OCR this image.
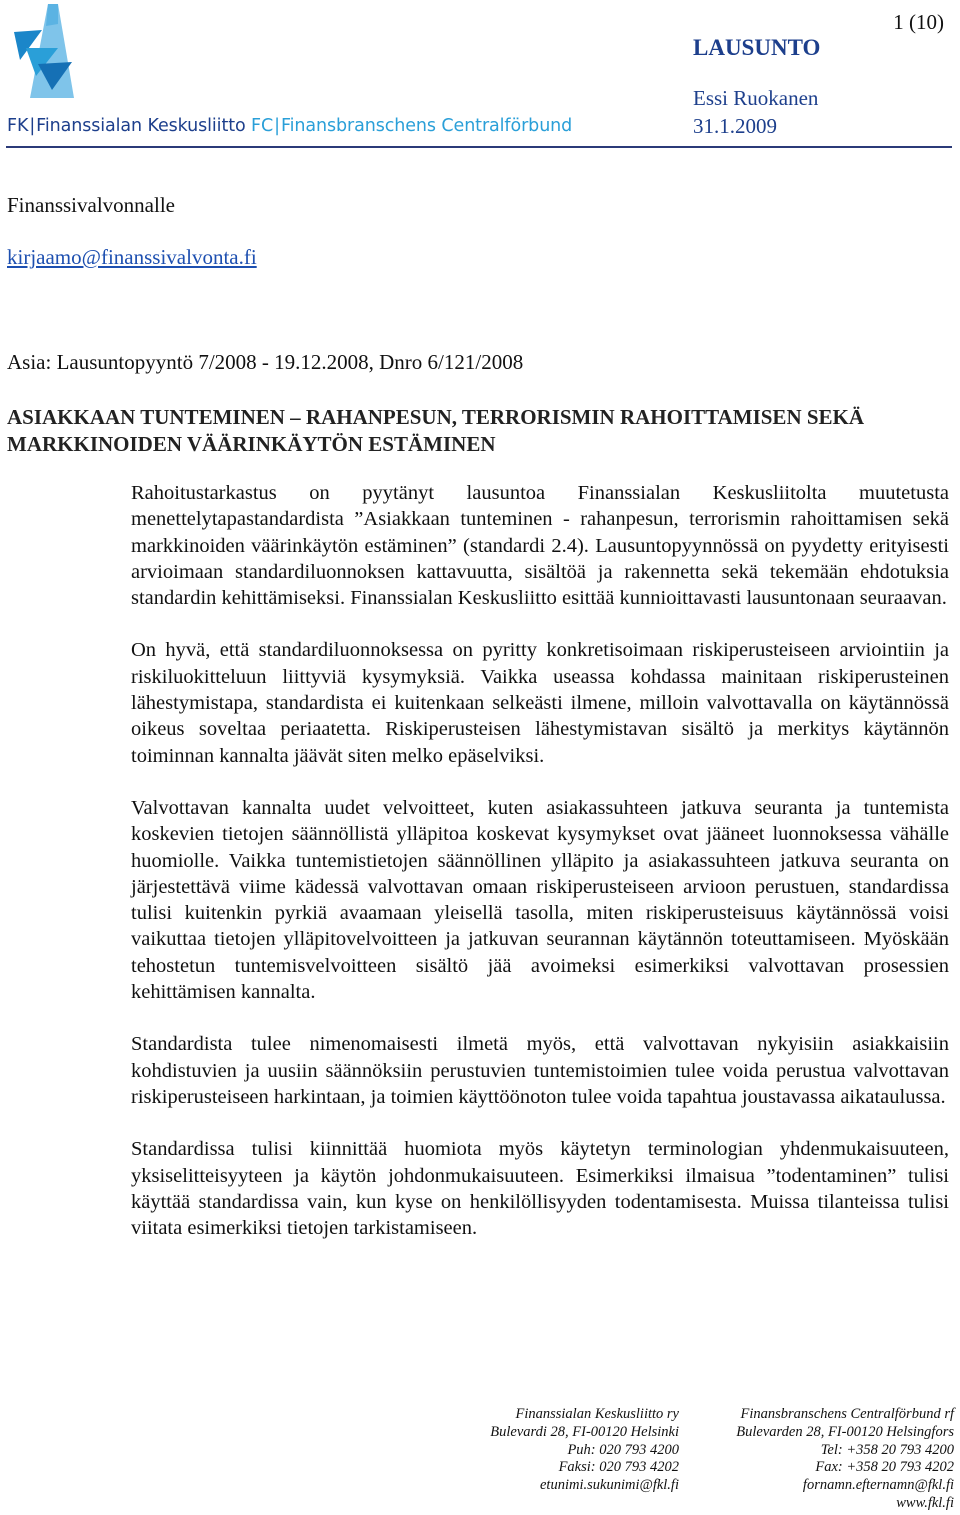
FK|Finanssialan Keskusliitto FC|Finansbranschens Centralförbund
LAUSUNTO
Essi Ruokanen
31.1.2009
1 (10)
Finanssivalvonnalle
kirjaamo@finanssivalvonta.fi
Asia: Lausuntopyyntö 7/2008 - 19.12.2008, Dnro 6/121/2008
ASIAKKAAN TUNTEMINEN – RAHANPESUN, TERRORISMIN RAHOITTAMISEN SEKÄ MARKKINOIDEN VÄÄRINKÄYTÖN ESTÄMINEN

Rahoitustarkastus on pyytänyt lausuntoa Finanssialan Keskusliitolta muutetusta menettelytapastandardista ”Asiakkaan tunteminen - rahanpesun, terrorismin rahoittamisen sekä markkinoiden väärinkäytön estäminen” (standardi 2.4). Lausuntopyynnössä on pyydetty erityisesti arvioimaan standardiluonnoksen kattavuutta, sisältöä ja rakennetta sekä tekemään ehdotuksia standardin kehittämiseksi. Finanssialan Keskusliitto esittää kunnioittavasti lausuntonaan seuraavan.

On hyvä, että standardiluonnoksessa on pyritty konkretisoimaan riskiperusteiseen arviointiin ja riskiluokitteluun liittyviä kysymyksiä. Vaikka useassa kohdassa mainitaan riskiperusteinen lähestymistapa, standardista ei kuitenkaan selkeästi ilmene, milloin valvottavalla on käytännössä oikeus soveltaa periaatetta. Riskiperusteisen lähestymistavan sisältö ja merkitys käytännön toiminnan kannalta jäävät siten melko epäselviksi.

Valvottavan kannalta uudet velvoitteet, kuten asiakassuhteen jatkuva seuranta ja tuntemista koskevien tietojen säännöllistä ylläpitoa koskevat kysymykset ovat jääneet luonnoksessa vähälle huomiolle. Vaikka tuntemistietojen säännöllinen ylläpito ja asiakassuhteen jatkuva seuranta on järjestettävä viime kädessä valvottavan omaan riskiperusteiseen arvioon perustuen, standardissa tulisi kuitenkin pyrkiä avaamaan yleisellä tasolla, miten riskiperusteisuus käytännössä voisi vaikuttaa tietojen ylläpitovelvoitteen ja jatkuvan seurannan käytännön toteuttamiseen. Myöskään tehostetun tuntemisvelvoitteen sisältö jää avoimeksi esimerkiksi valvottavan prosessien kehittämisen kannalta.

Standardista tulee nimenomaisesti ilmetä myös, että valvottavan nykyisiin asiakkaisiin kohdistuvien ja uusiin säännöksiin perustuvien tuntemistoimien tulee voida perustua valvottavan riskiperusteiseen harkintaan, ja toimien käyttöönoton tulee voida tapahtua joustavassa aikataulussa.

Standardissa tulisi kiinnittää huomiota myös käytetyn terminologian yhdenmukaisuuteen, yksiselitteisyyteen ja käytön johdonmukaisuuteen. Esimerkiksi ilmaisua ”todentaminen” tulisi käyttää standardissa vain, kun kyse on henkilöllisyyden todentamisesta. Muissa tilanteissa tulisi viitata esimerkiksi tietojen tarkistamiseen.

Finanssialan Keskusliitto ry
Bulevardi 28, FI-00120 Helsinki
Puh: 020 793 4200
Faksi: 020 793 4202
etunimi.sukunimi@fkl.fi
Finansbranschens Centralförbund rf
Bulevarden 28, FI-00120 Helsingfors
Tel: +358 20 793 4200
Fax: +358 20 793 4202
fornamn.efternamn@fkl.fi
www.fkl.fi
